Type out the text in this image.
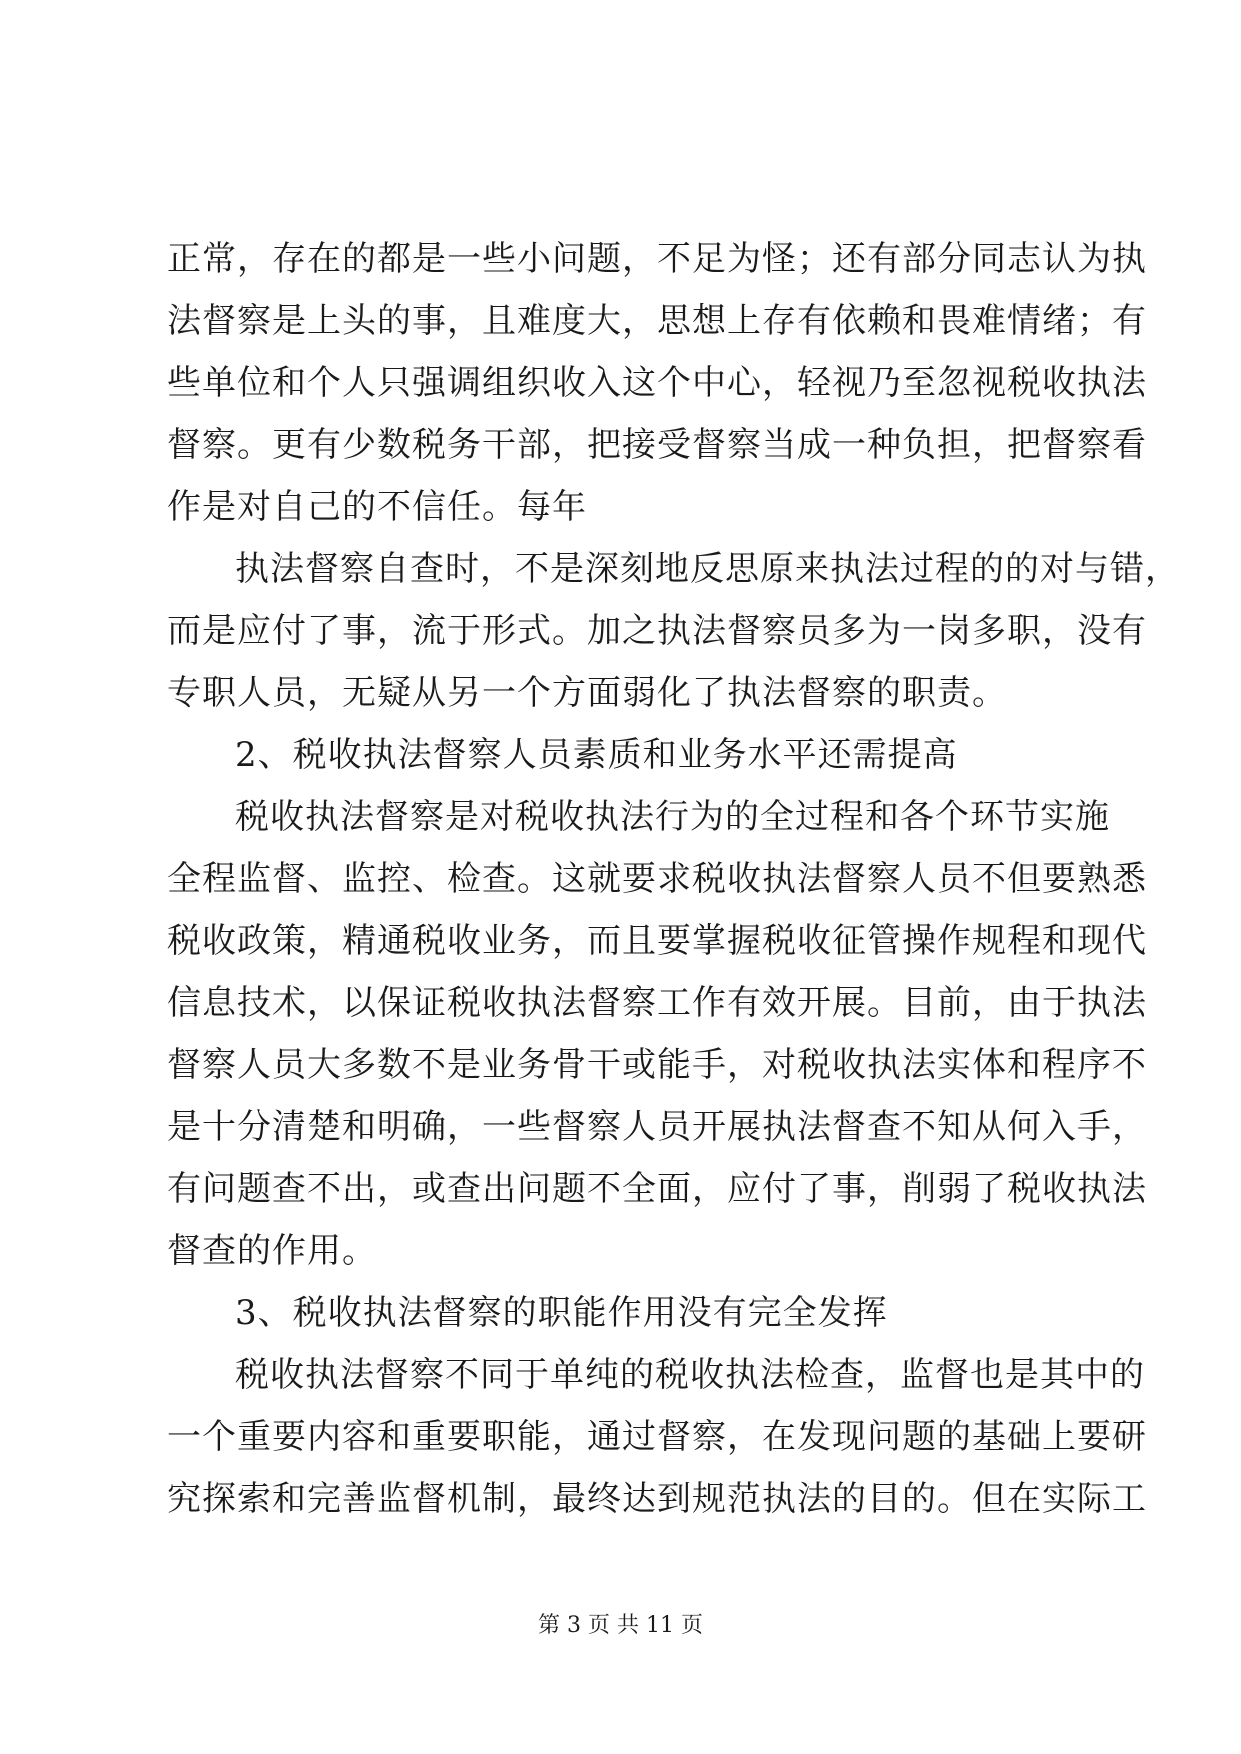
正常，存在的都是一些小问题，不足为怪；还有部分同志认为执
法督察是上头的事，且难度大，思想上存有依赖和畏难情绪；有
些单位和个人只强调组织收入这个中心，轻视乃至忽视税收执法
督察。更有少数税务干部，把接受督察当成一种负担，把督察看
作是对自己的不信任。每年
执法督察自查时，不是深刻地反思原来执法过程的的对与错，
而是应付了事，流于形式。加之执法督察员多为一岗多职，没有
专职人员，无疑从另一个方面弱化了执法督察的职责。
2、税收执法督察人员素质和业务水平还需提高
税收执法督察是对税收执法行为的全过程和各个环节实施
全程监督、监控、检查。这就要求税收执法督察人员不但要熟悉
税收政策，精通税收业务，而且要掌握税收征管操作规程和现代
信息技术，以保证税收执法督察工作有效开展。目前，由于执法
督察人员大多数不是业务骨干或能手，对税收执法实体和程序不
是十分清楚和明确，一些督察人员开展执法督查不知从何入手，
有问题查不出，或查出问题不全面，应付了事，削弱了税收执法
督查的作用。
3、税收执法督察的职能作用没有完全发挥
税收执法督察不同于单纯的税收执法检查，监督也是其中的
一个重要内容和重要职能，通过督察，在发现问题的基础上要研
究探索和完善监督机制，最终达到规范执法的目的。但在实际工
第 3 页 共 11 页
